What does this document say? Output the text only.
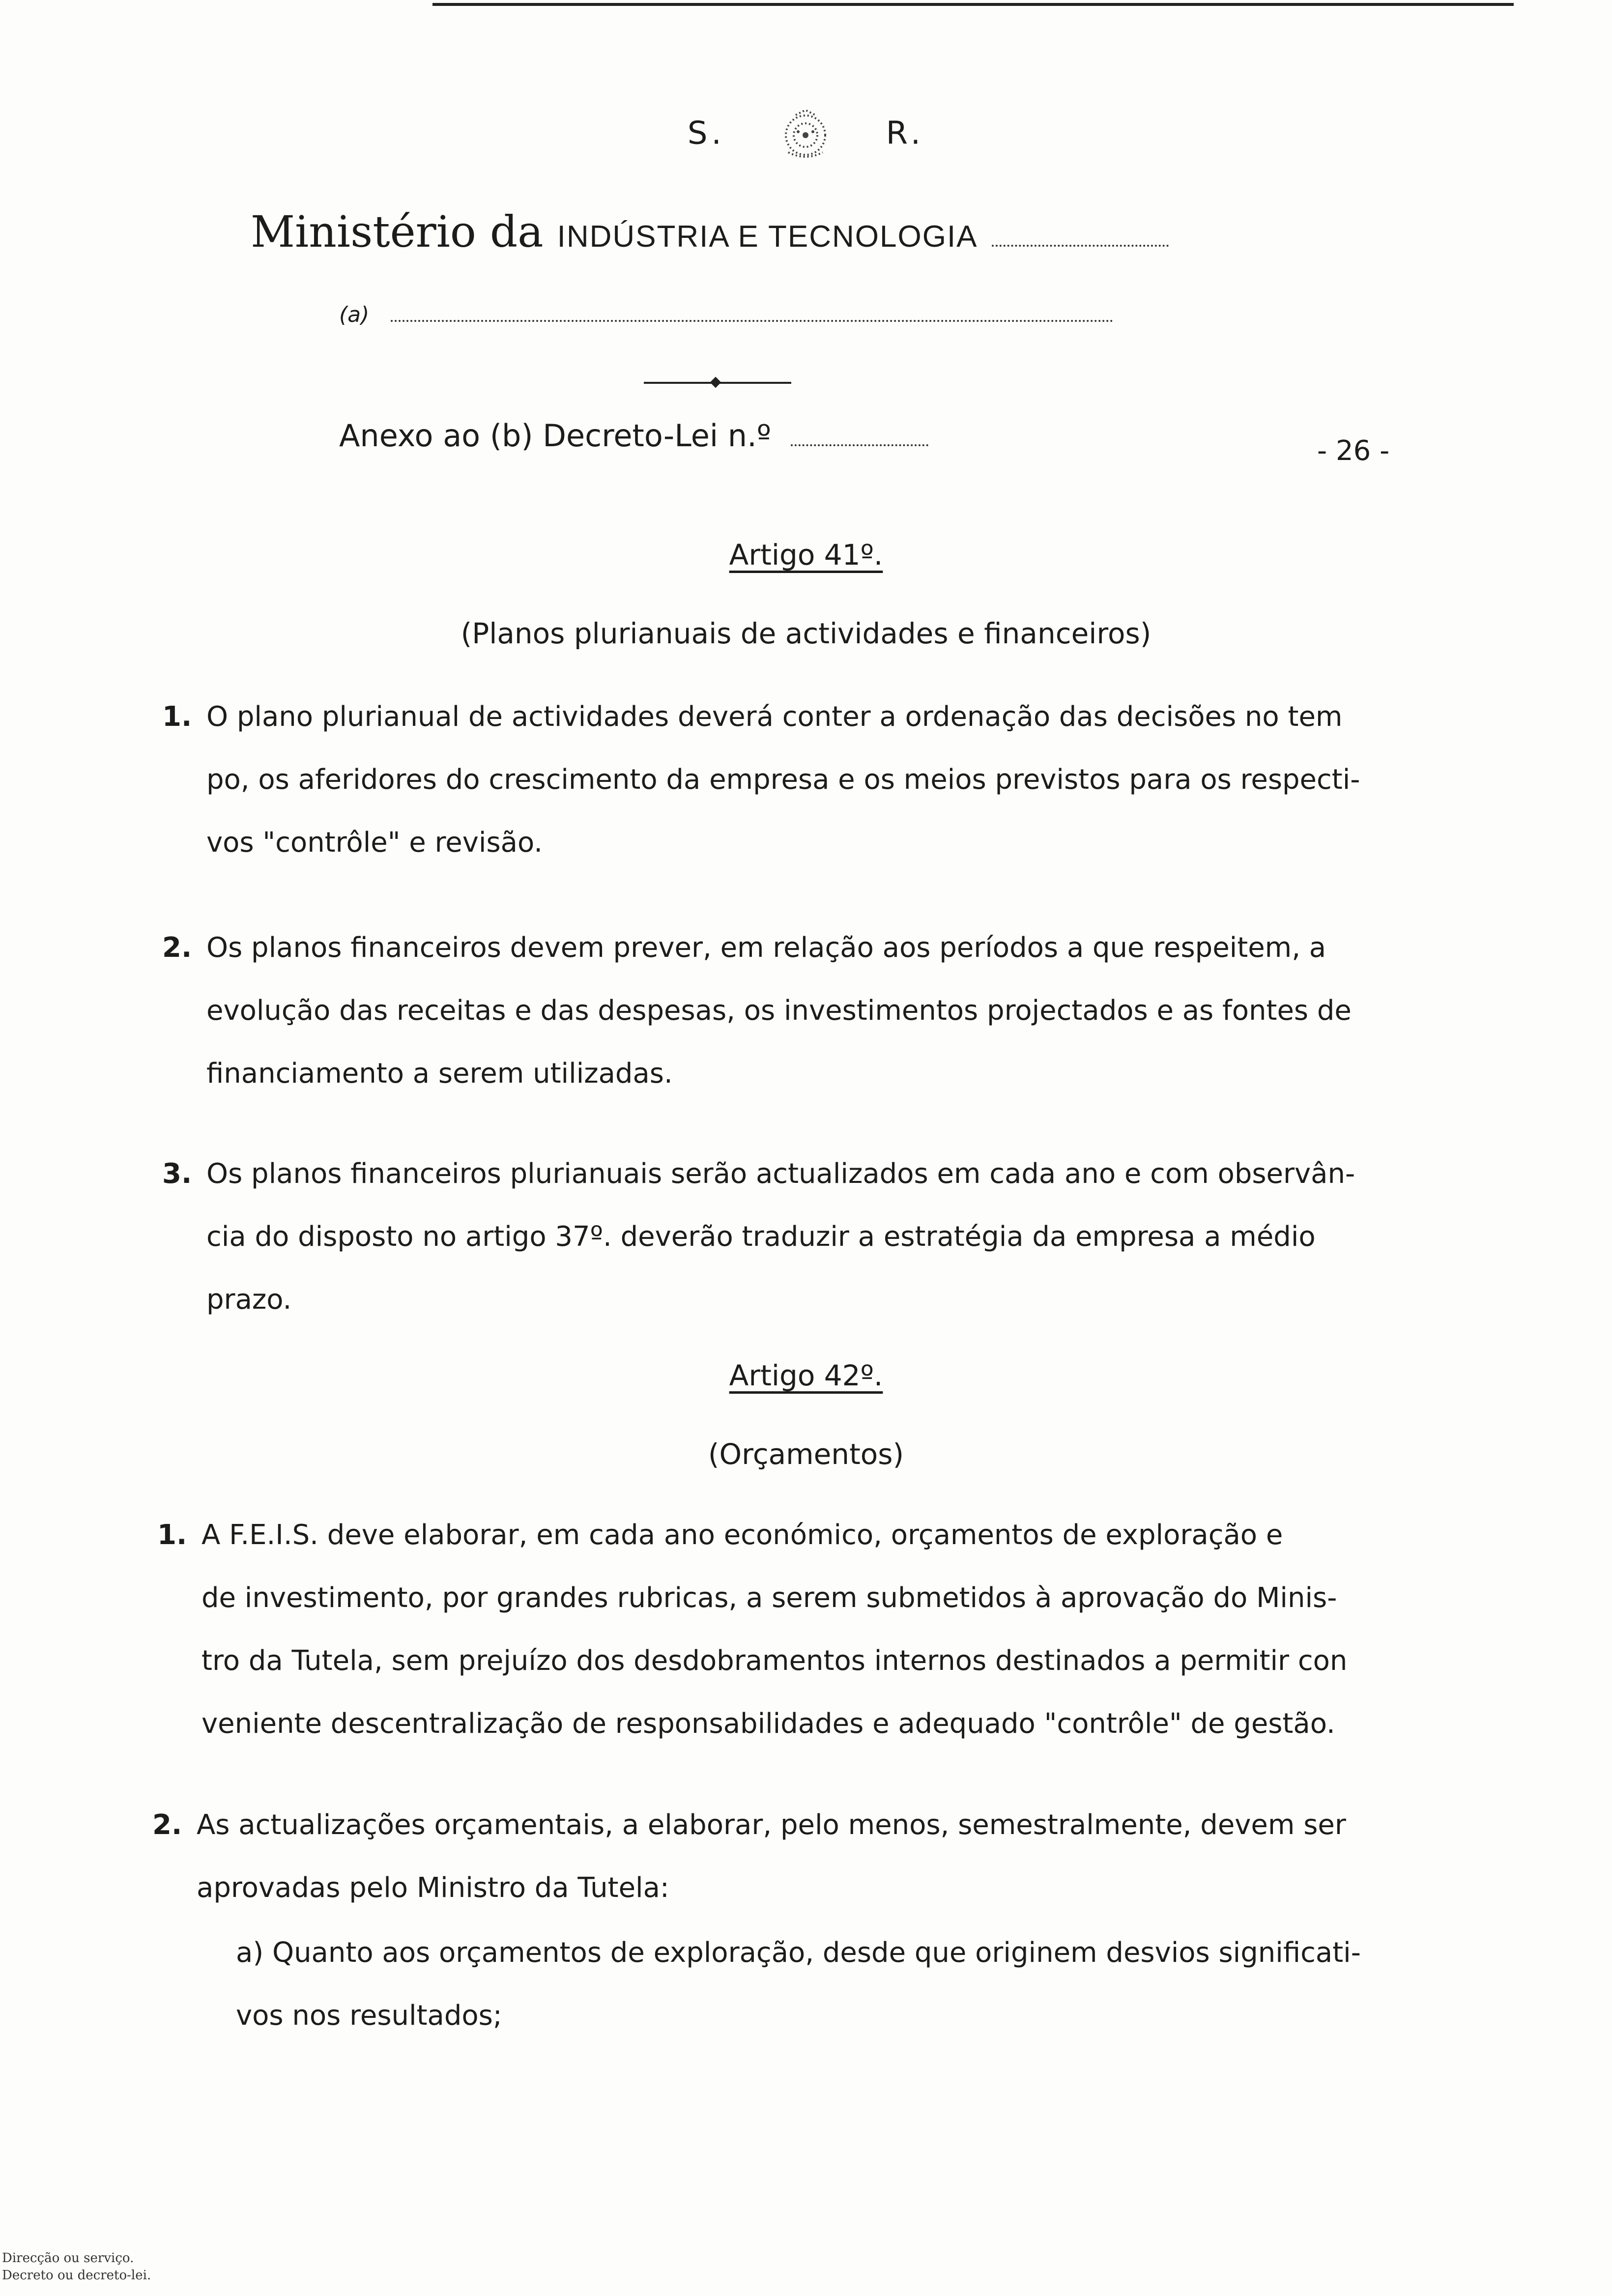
S.	R.
Ministério da INDÚSTRIA E TECNOLOGIA
(a)
Anexo ao (b) Decreto-Lei n.º	- 26 -
Artigo 41º.
(Planos plurianuais de actividades e financeiros)

1. O plano plurianual de actividades deverá conter a ordenação das decisões no tem
po, os aferidores do crescimento da empresa e os meios previstos para os respecti-
vos "contrôle" e revisão.

2. Os planos financeiros devem prever, em relação aos períodos a que respeitem, a
evolução das receitas e das despesas, os investimentos projectados e as fontes de
financiamento a serem utilizadas.

3. Os planos financeiros plurianuais serão actualizados em cada ano e com observân-
cia do disposto no artigo 37º. deverão traduzir a estratégia da empresa a médio
prazo.

Artigo 42º.
(Orçamentos)

1. A F.E.I.S. deve elaborar, em cada ano económico, orçamentos de exploração e
de investimento, por grandes rubricas, a serem submetidos à aprovação do Minis-
tro da Tutela, sem prejuízo dos desdobramentos internos destinados a permitir con
veniente descentralização de responsabilidades e adequado "contrôle" de gestão.

2. As actualizações orçamentais, a elaborar, pelo menos, semestralmente, devem ser
aprovadas pelo Ministro da Tutela:

a) Quanto aos orçamentos de exploração, desde que originem desvios significati-
vos nos resultados;

Direcção ou serviço.
Decreto ou decreto-lei.
